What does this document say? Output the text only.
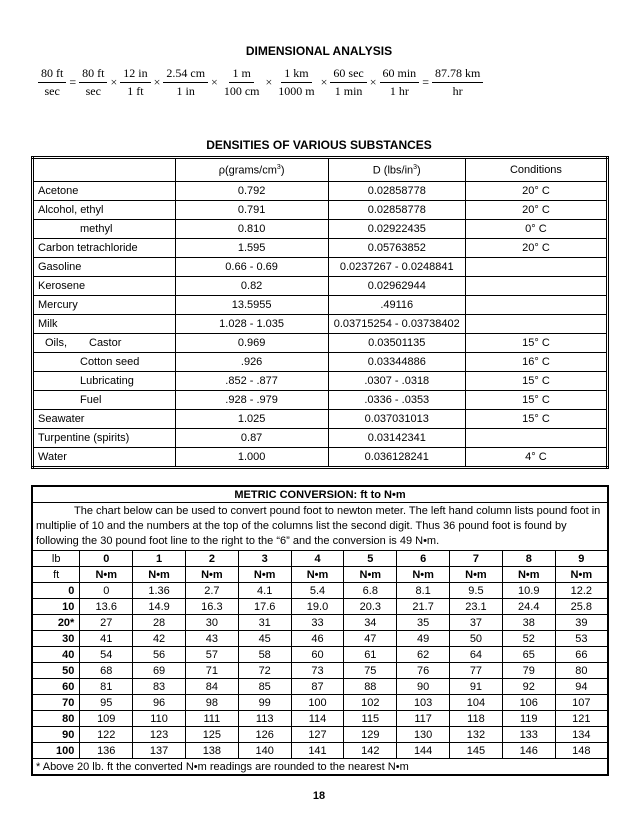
DIMENSIONAL ANALYSIS
$\frac{80 ft}{\sec} = \frac{80 ft}{\sec} \times \frac{12 in}{1 ft} \times \frac{2.54 cm}{1 in} \times \frac{1 m}{100 cm} \times \frac{1 km}{1000 m} \times \frac{60 \sec}{1 \min} \times \frac{60 \min}{1 hr} = \frac{87.78 km}{hr}$
DENSITIES OF VARIOUS SUBSTANCES
	$\rho(grams/cm^3)$	D $(lbs/in^3)$	Conditions
Acetone	0.792	0.02858778	20° C
Alcohol, ethyl	0.791	0.02858778	20° C
methyl	0.810	0.02922435	0° C
Carbon tetrachloride	1.595	0.05763852	20° C
Gasoline	0.66 - 0.69	0.0237267 - 0.0248841	
Kerosene	0.82	0.02962944	
Mercury	13.5955	.49116	
Milk	1.028 - 1.035	0.03715254 - 0.03738402	
Oils, Castor	0.969	0.03501135	15° C
Cotton seed	.926	0.03344886	16° C
Lubricating	.852 - .877	.0307 - .0318	15° C
Fuel	.928 - .979	.0336 - .0353	15° C
Seawater	1.025	0.037031013	15° C
Turpentine (spirits)	0.87	0.03142341	
Water	1.000	0.036128241	4° C
METRIC CONVERSION: ft to N•m										
The chart below can be used to convert pound foot to newton meter. The left hand column lists pound foot in multiplie of 10 and the numbers at the top of the columns list the second digit. Thus 36 pound foot is found by following the 30 pound foot line to the right to the “6” and the conversion is 49 N•m.										
lb	0	1	2	3	4	5	6	7	8	9
ft	N•m	N•m	N•m	N•m	N•m	N•m	N•m	N•m	N•m	N•m
0	0	1.36	2.7	4.1	5.4	6.8	8.1	9.5	10.9	12.2
10	13.6	14.9	16.3	17.6	19.0	20.3	21.7	23.1	24.4	25.8
20*	27	28	30	31	33	34	35	37	38	39
30	41	42	43	45	46	47	49	50	52	53
40	54	56	57	58	60	61	62	64	65	66
50	68	69	71	72	73	75	76	77	79	80
60	81	83	84	85	87	88	90	91	92	94
70	95	96	98	99	100	102	103	104	106	107
80	109	110	111	113	114	115	117	118	119	121
90	122	123	125	126	127	129	130	132	133	134
100	136	137	138	140	141	142	144	145	146	148
* Above 20 lb. ft the converted N•m readings are rounded to the nearest N•m										
18
